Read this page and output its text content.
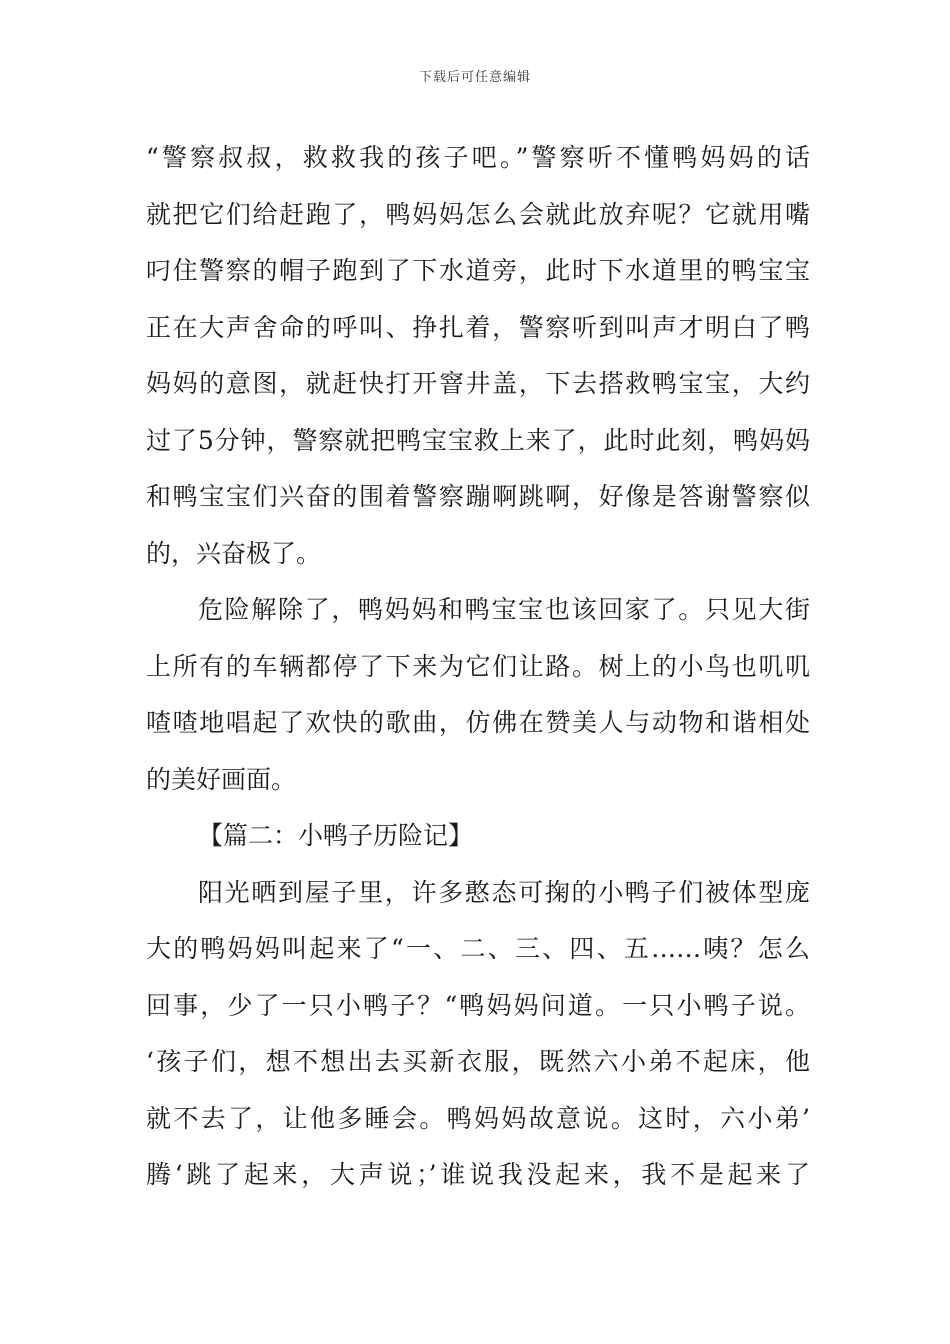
下载后可任意编辑
“警察叔叔，救救我的孩子吧。”警察听不懂鸭妈妈的话
就把它们给赶跑了，鸭妈妈怎么会就此放弃呢？它就用嘴
叼住警察的帽子跑到了下水道旁，此时下水道里的鸭宝宝
正在大声舍命的呼叫、挣扎着，警察听到叫声才明白了鸭
妈妈的意图，就赶快打开窨井盖，下去搭救鸭宝宝，大约
过了5分钟，警察就把鸭宝宝救上来了，此时此刻，鸭妈妈
和鸭宝宝们兴奋的围着警察蹦啊跳啊，好像是答谢警察似
的，兴奋极了。
危险解除了，鸭妈妈和鸭宝宝也该回家了。只见大街
上所有的车辆都停了下来为它们让路。树上的小鸟也叽叽
喳喳地唱起了欢快的歌曲，仿佛在赞美人与动物和谐相处
的美好画面。
【篇二：小鸭子历险记】
阳光晒到屋子里，许多憨态可掬的小鸭子们被体型庞
大的鸭妈妈叫起来了“一、二、三、四、五……咦？怎么
回事，少了一只小鸭子？“鸭妈妈问道。一只小鸭子说。
‘孩子们，想不想出去买新衣服，既然六小弟不起床，他
就不去了，让他多睡会。鸭妈妈故意说。这时，六小弟’
腾‘跳了起来，大声说；’谁说我没起来，我不是起来了
